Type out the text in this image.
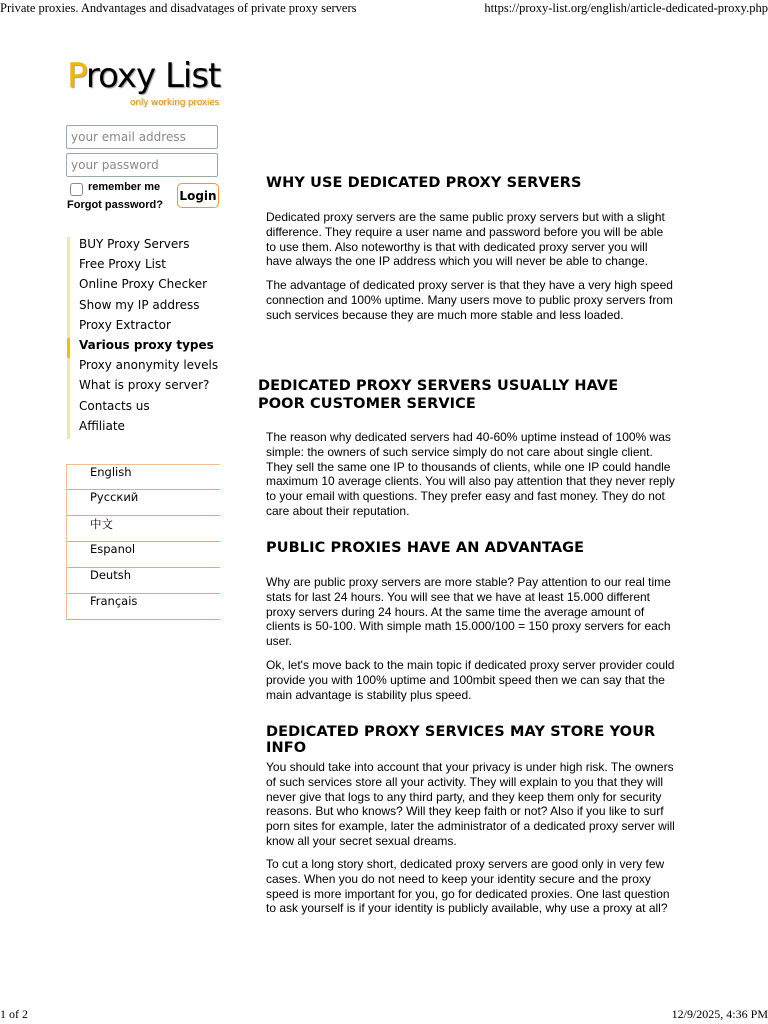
Private proxies. Andvantages and disadvatages of private proxy servers	https://proxy-list.org/english/article-dedicated-proxy.php
Proxy List
only working proxies
your email address
remember me
Forgot password?
Login
BUY Proxy Servers
Free Proxy List
Online Proxy Checker
Show my IP address
Proxy Extractor
Various proxy types
Proxy anonymity levels
What is proxy server?
Contacts us
Affiliate
English
Русский
中文
Espanol
Deutsh
Français
WHY USE DEDICATED PROXY SERVERS

Dedicated proxy servers are the same public proxy servers but with a slight difference. They require a user name and password before you will be able to use them. Also noteworthy is that with dedicated proxy server you will have always the one IP address which you will never be able to change.

The advantage of dedicated proxy server is that they have a very high speed connection and 100% uptime. Many users move to public proxy servers from such services because they are much more stable and less loaded.

DEDICATED PROXY SERVERS USUALLY HAVE POOR CUSTOMER SERVICE

The reason why dedicated servers had 40-60% uptime instead of 100% was simple: the owners of such service simply do not care about single client. They sell the same one IP to thousands of clients, while one IP could handle maximum 10 average clients. You will also pay attention that they never reply to your email with questions. They prefer easy and fast money. They do not care about their reputation.

PUBLIC PROXIES HAVE AN ADVANTAGE

Why are public proxy servers are more stable? Pay attention to our real time stats for last 24 hours. You will see that we have at least 15.000 different proxy servers during 24 hours. At the same time the average amount of clients is 50-100. With simple math 15.000/100 = 150 proxy servers for each user.

Ok, let's move back to the main topic if dedicated proxy server provider could provide you with 100% uptime and 100mbit speed then we can say that the main advantage is stability plus speed.

DEDICATED PROXY SERVICES MAY STORE YOUR INFO

You should take into account that your privacy is under high risk. The owners of such services store all your activity. They will explain to you that they will never give that logs to any third party, and they keep them only for security reasons. But who knows? Will they keep faith or not? Also if you like to surf porn sites for example, later the administrator of a dedicated proxy server will know all your secret sexual dreams.

To cut a long story short, dedicated proxy servers are good only in very few cases. When you do not need to keep your identity secure and the proxy speed is more important for you, go for dedicated proxies. One last question to ask yourself is if your identity is publicly available, why use a proxy at all?

1 of 2	12/9/2025, 4:36 PM
